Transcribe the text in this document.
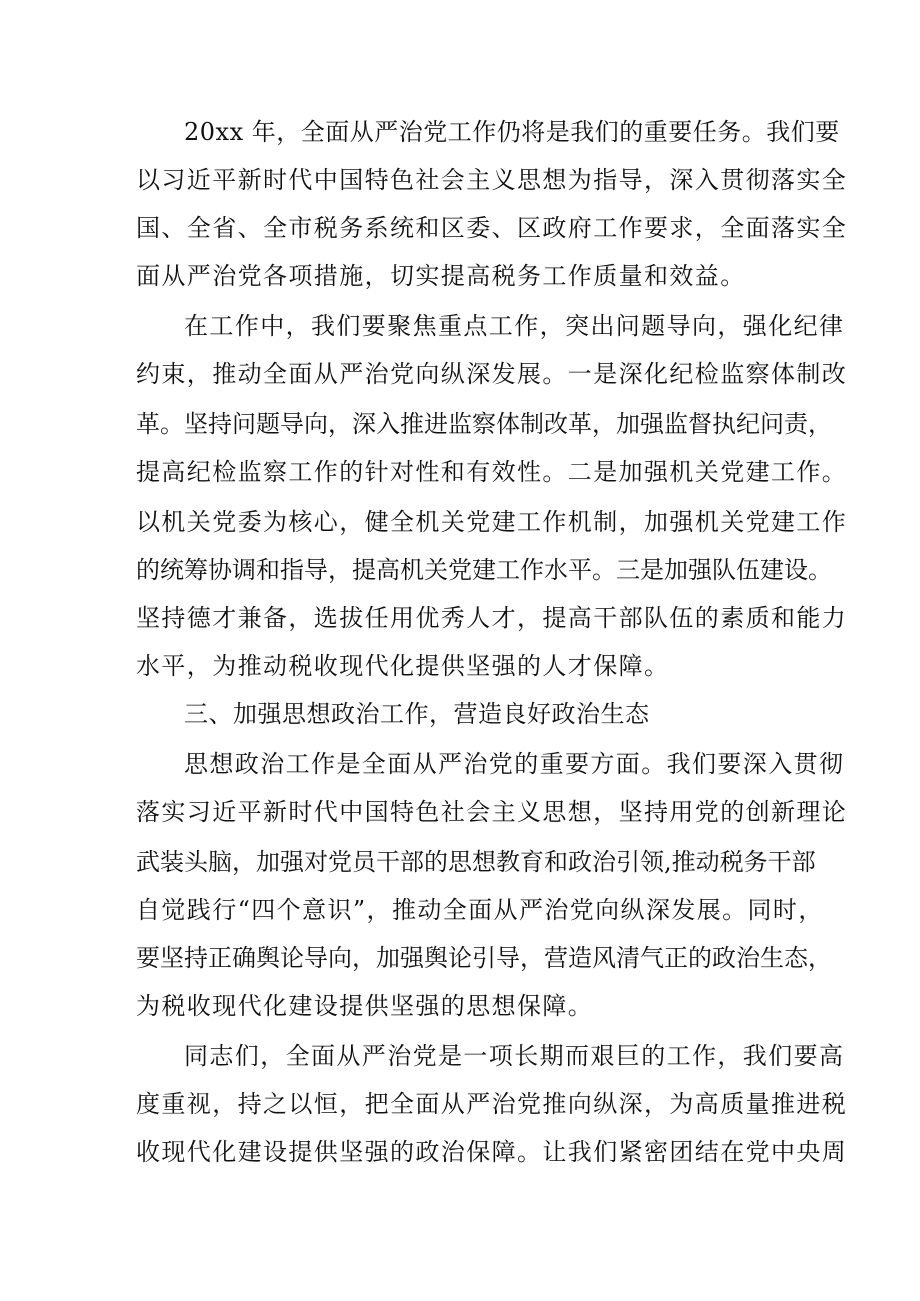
20xx 年，全面从严治党工作仍将是我们的重要任务。我们要
以习近平新时代中国特色社会主义思想为指导，深入贯彻落实全
国、全省、全市税务系统和区委、区政府工作要求，全面落实全
面从严治党各项措施，切实提高税务工作质量和效益。
在工作中，我们要聚焦重点工作，突出问题导向，强化纪律
约束，推动全面从严治党向纵深发展。一是深化纪检监察体制改
革。坚持问题导向，深入推进监察体制改革，加强监督执纪问责，
提高纪检监察工作的针对性和有效性。二是加强机关党建工作。
以机关党委为核心，健全机关党建工作机制，加强机关党建工作
的统筹协调和指导，提高机关党建工作水平。三是加强队伍建设。
坚持德才兼备，选拔任用优秀人才，提高干部队伍的素质和能力
水平，为推动税收现代化提供坚强的人才保障。
三、加强思想政治工作，营造良好政治生态
思想政治工作是全面从严治党的重要方面。我们要深入贯彻
落实习近平新时代中国特色社会主义思想，坚持用党的创新理论
武装头脑，加强对党员干部的思想教育和政治引领,推动税务干部
自觉践行“四个意识”，推动全面从严治党向纵深发展。同时，
要坚持正确舆论导向，加强舆论引导，营造风清气正的政治生态，
为税收现代化建设提供坚强的思想保障。
同志们，全面从严治党是一项长期而艰巨的工作，我们要高
度重视，持之以恒，把全面从严治党推向纵深，为高质量推进税
收现代化建设提供坚强的政治保障。让我们紧密团结在党中央周
